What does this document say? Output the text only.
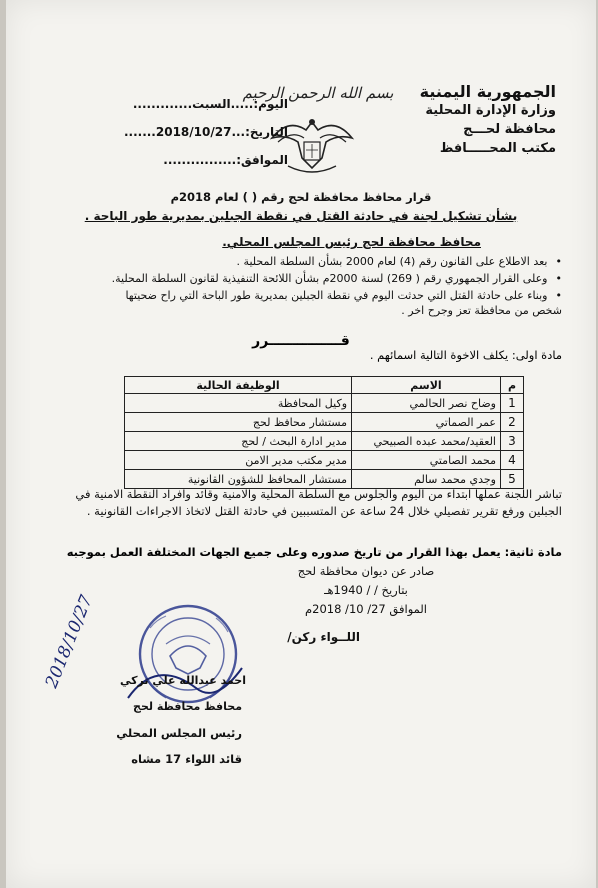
الجمهورية اليمنية
وزارة الإدارة المحلية
محافظة لحـــج
مكتب المحـــــافظ
بسم الله الرحمن الرحيم
اليوم:.....السبت.............
التاريخ:...2018/10/27.......
الموافق:................
قرار محافظ محافظة لحج رقم ( ) لعام 2018م
بشأن تشكيل لجنة في حادثة القتل في نقطة الجبلين بمديرية طور الباحة .
محافظ محافظة لحج رئيس المجلس المحلي.
•بعد الاطلاع على القانون رقم (4) لعام 2000 بشأن السلطة المحلية .
•وعلى القرار الجمهوري رقم ( 269) لسنة 2000م بشأن اللائحة التنفيذية لقانون السلطة المحلية.
•وبناء على حادثة القتل التي حدثت اليوم في نقطة الجبلين بمديرية طور الباحة التي راح ضحيتها
شخص من محافظة تعز وجرح اخر .
قـــــــــــــــرر
مادة اولى: يكلف الاخوة التالية اسمائهم .
م	الاسم	الوظيفة الحالية
1	وضاح نصر الحالمي	وكيل المحافظة
2	عمر الصماتي	مستشار محافظ لحج
3	العقيد/محمد عبده الصبيحي	مدير ادارة البحث / لحج
4	محمد الصامتي	مدير مكتب مدير الامن
5	وجدي محمد سالم	مستشار المحافظ للشؤون القانونية
تباشر اللجنة عملها ابتداء من اليوم والجلوس مع السلطة المحلية والامنية وقائد وافراد النقطة الامنية في الجبلين ورفع تقرير تفصيلي خلال 24 ساعة عن المتسببين في حادثة القتل لاتخاذ الاجراءات القانونية .
مادة ثانية: يعمل بهذا القرار من تاريخ صدوره وعلى جميع الجهات المختلفة العمل بموجبه
صادر عن ديوان محافظة لحج
بتاريخ / / 1940هـ
الموافق 27/ 10/ 2018م
اللــواء ركن/
احمد عبدالله علي تركي
محافظ محافظة لحج
رئيس المجلس المحلي
قائد اللواء 17 مشاه
2018/10/27
